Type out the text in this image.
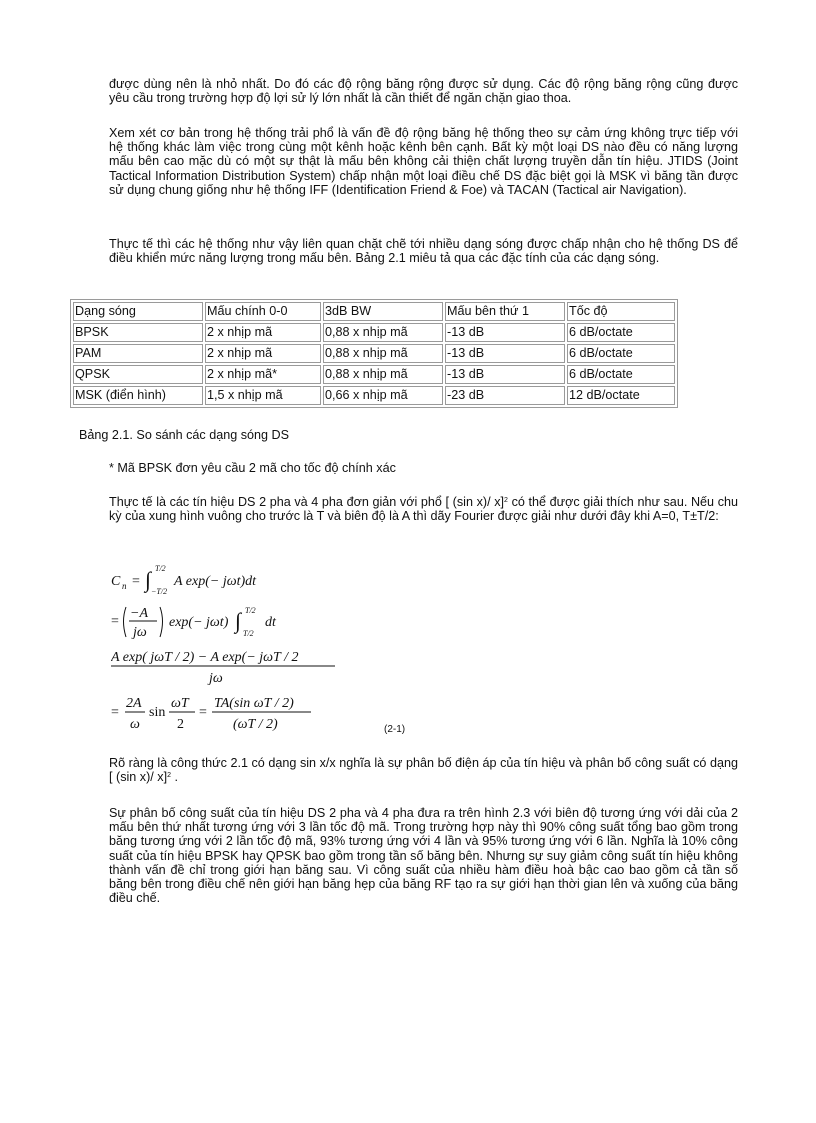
được dùng nên là nhỏ nhất. Do đó các độ rộng băng rộng được sử dụng. Các độ rộng băng rộng cũng được yêu cầu trong trường hợp độ lợi sử lý lớn nhất là cần thiết để ngăn chặn giao thoa.

Xem xét cơ bản trong hệ thống trải phổ là vấn đề độ rộng băng hệ thống theo sự cảm ứng không trực tiếp với hệ thống khác làm việc trong cùng một kênh hoặc kênh bên cạnh. Bất kỳ một loại DS nào đều có năng lượng mấu bên cao mặc dù có một sự thật là mấu bên không cải thiện chất lượng truyền dẫn tín hiệu. JTIDS (Joint Tactical Information Distribution System) chấp nhận một loại điều chế DS đặc biệt gọi là MSK vì băng tần được sử dụng chung giống như hệ thống IFF (Identification Friend & Foe) và TACAN (Tactical air Navigation).

Thực tế thì các hệ thống như vậy liên quan chặt chẽ tới nhiều dạng sóng được chấp nhận cho hệ thống DS để điều khiển mức năng lượng trong mấu bên. Bảng 2.1 miêu tả qua các đặc tính của các dạng sóng.

Dạng sóng	Mấu chính 0-0	3dB BW	Mấu bên thứ 1	Tốc độ
BPSK	2 x nhịp mã	0,88 x nhịp mã	-13 dB	6 dB/octate
PAM	2 x nhịp mã	0,88 x nhịp mã	-13 dB	6 dB/octate
QPSK	2 x nhịp mã*	0,88 x nhịp mã	-13 dB	6 dB/octate
MSK (điển hình)	1,5 x nhịp mã	0,66 x nhịp mã	-23 dB	12 dB/octate

Bảng 2.1. So sánh các dạng sóng DS

* Mã BPSK đơn yêu cầu 2 mã cho tốc độ chính xác

Thực tế là các tín hiệu DS 2 pha và 4 pha đơn giản với phổ [ (sin x)/ x]$^2$ có thể được giải thích như sau. Nếu chu kỳ của xung hình vuông cho trước là T và biên độ là A thì dãy Fourier được giải như dưới đây khi A=0, T±T/2:

C n = ∫ T/2
−T/2
A exp(− jωt)dt
=
−A
jω
exp(− jωt) ∫ T/2
T/2
dt
A exp( jωT / 2) − A exp(− jωT / 2
jω
=
2A
ω
sin
ωT
2
=
TA(sin ωT / 2)
(ωT / 2)	(2-1)

Rõ ràng là công thức 2.1 có dạng sin x/x nghĩa là sự phân bố điện áp của tín hiệu và phân bố công suất có dạng [ (sin x)/ x]$^2$ .

Sự phân bố công suất của tín hiệu DS 2 pha và 4 pha đưa ra trên hình 2.3 với biên độ tương ứng với dải của 2 mấu bên thứ nhất tương ứng với 3 lần tốc độ mã. Trong trường hợp này thì 90% công suất tổng bao gồm trong băng tương ứng với 2 lần tốc độ mã, 93% tương ứng với 4 lần và 95% tương ứng với 6 lần. Nghĩa là 10% công suất của tín hiệu BPSK hay QPSK bao gồm trong tần số băng bên. Nhưng sự suy giảm công suất tín hiệu không thành vấn đề chỉ trong giới hạn băng sau. Vì công suất của nhiều hàm điều hoà bậc cao bao gồm cả tần số băng bên trong điều chế nên giới hạn băng hẹp của băng RF tạo ra sự giới hạn thời gian lên và xuống của băng điều chế.
